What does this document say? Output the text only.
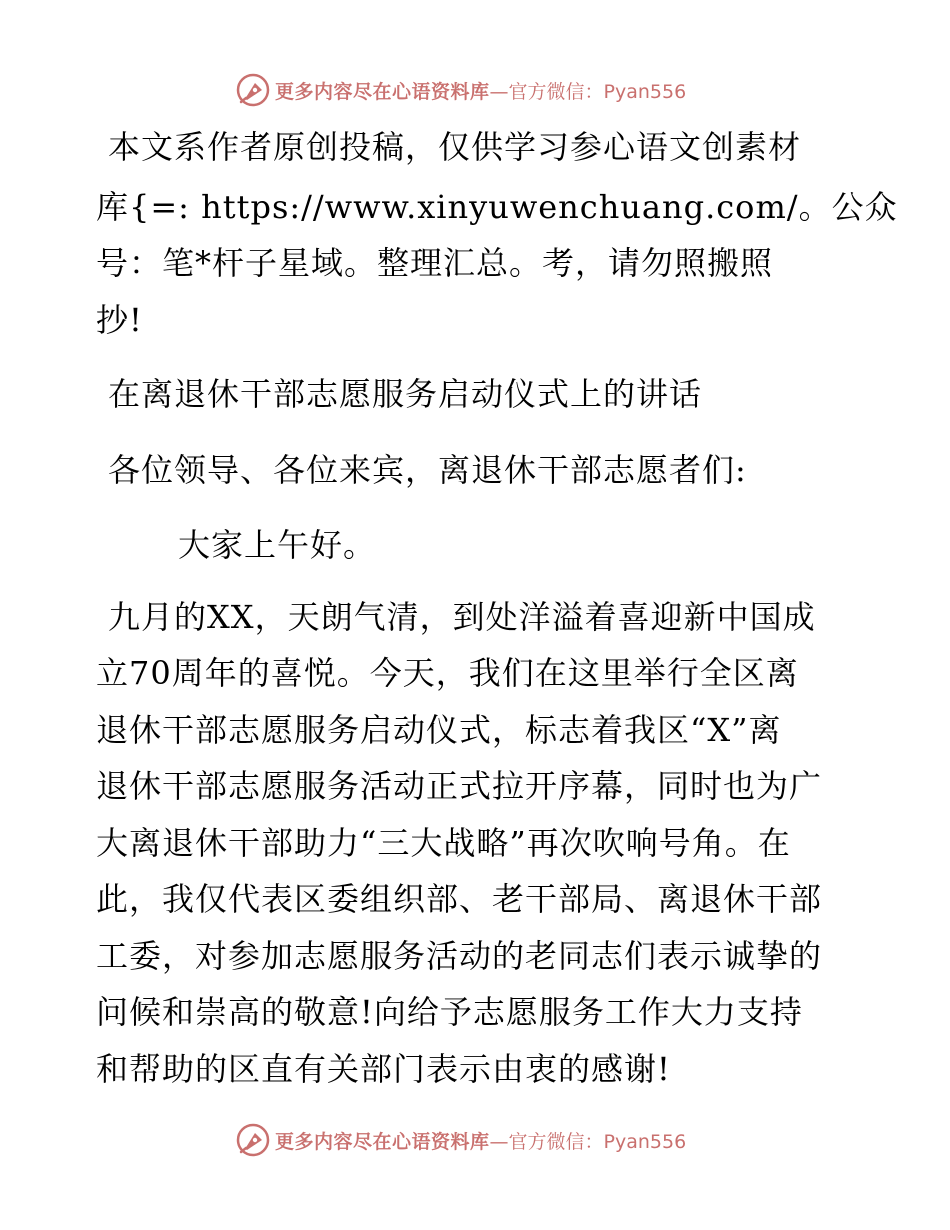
更多内容尽在心语资料库 —官方微信：Pyan556
本文系作者原创投稿，仅供学习参心语文创素材
库{=: https://www.xinyuwenchuang.com/。公众
号：笔*杆子星域。整理汇总。考，请勿照搬照
抄!
在离退休干部志愿服务启动仪式上的讲话
各位领导、各位来宾，离退休干部志愿者们:
大家上午好。
九月的XX，天朗气清，到处洋溢着喜迎新中国成
立70周年的喜悦。今天，我们在这里举行全区离
退休干部志愿服务启动仪式，标志着我区“X”离
退休干部志愿服务活动正式拉开序幕，同时也为广
大离退休干部助力“三大战略”再次吹响号角。在
此，我仅代表区委组织部、老干部局、离退休干部
工委，对参加志愿服务活动的老同志们表示诚挚的
问候和崇高的敬意!向给予志愿服务工作大力支持
和帮助的区直有关部门表示由衷的感谢!
更多内容尽在心语资料库 —官方微信：Pyan556
